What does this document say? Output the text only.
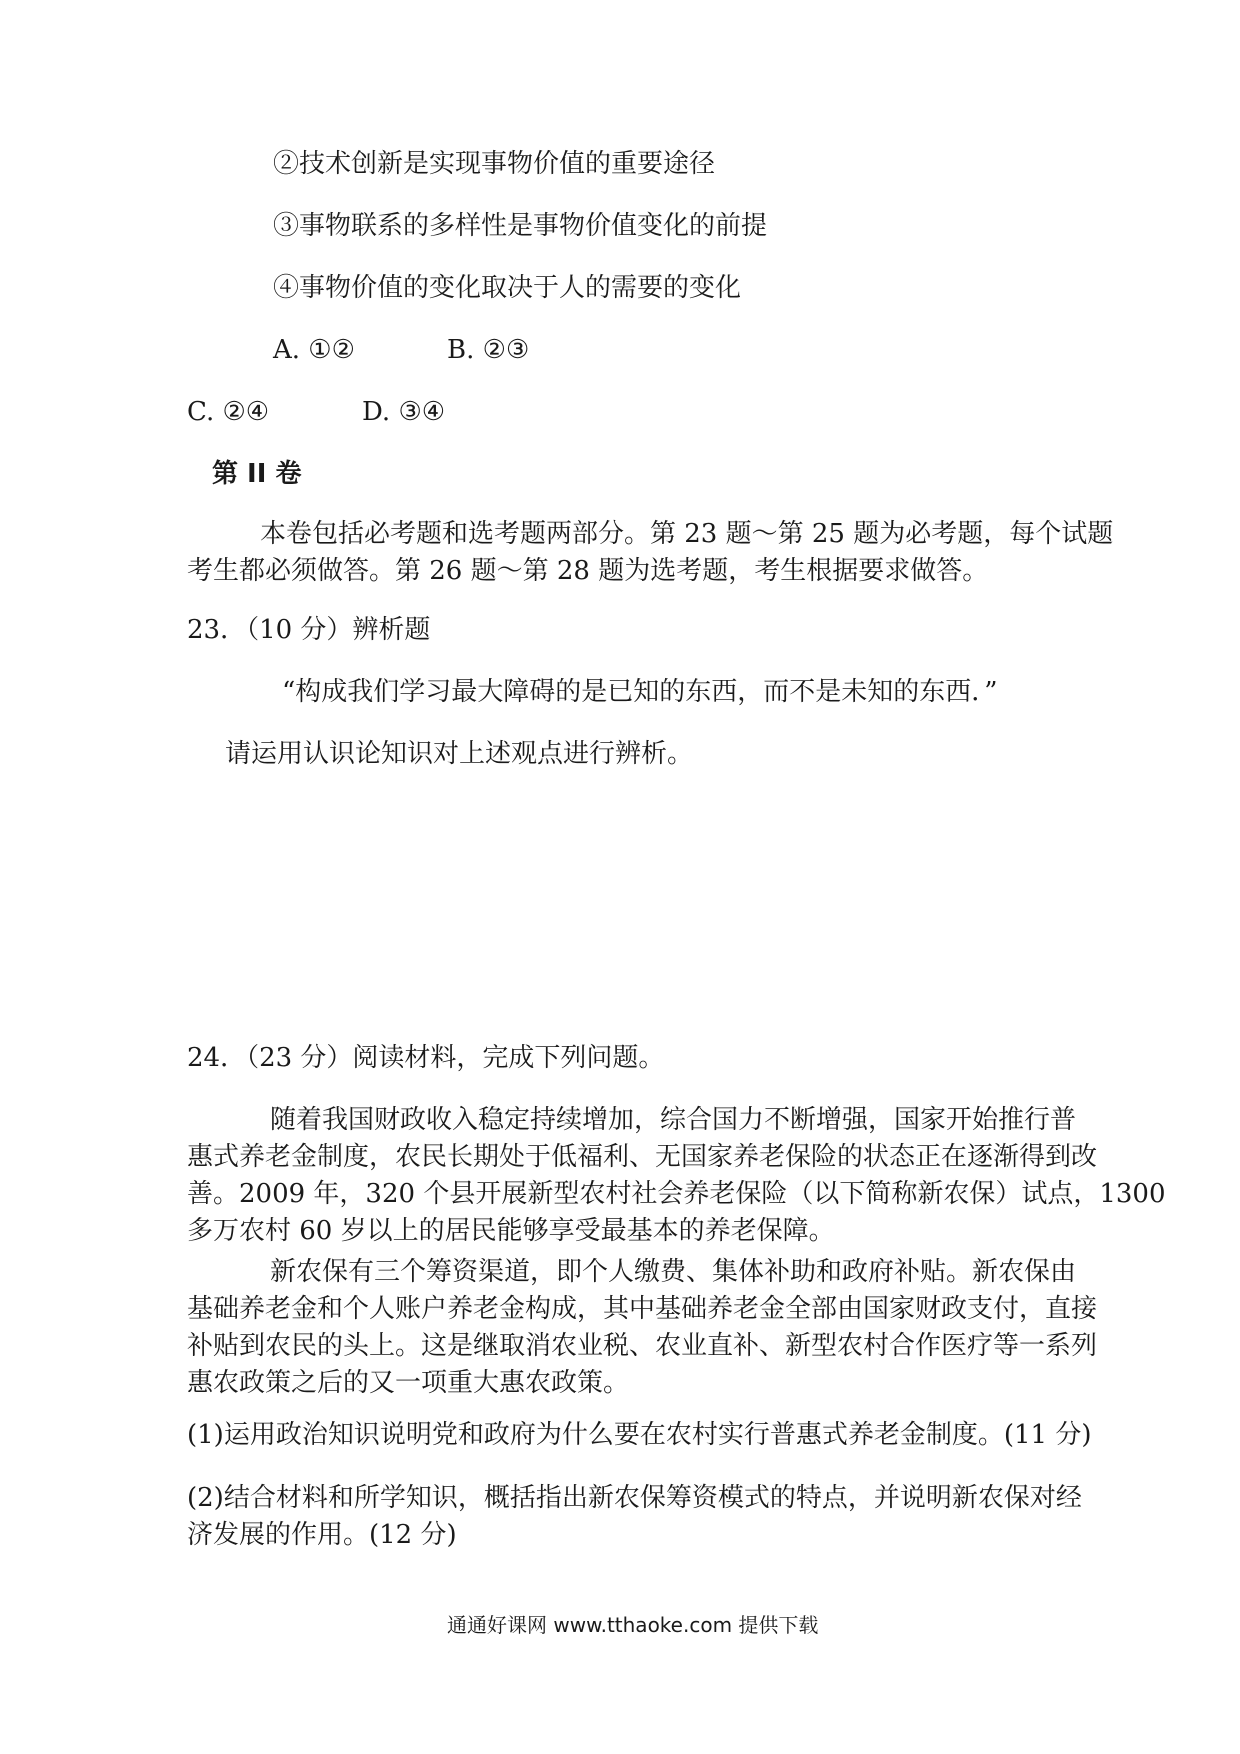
②技术创新是实现事物价值的重要途径
③事物联系的多样性是事物价值变化的前提
④事物价值的变化取决于人的需要的变化
A. ①②	B. ②③
C. ②④	D. ③④
第 II 卷
本卷包括必考题和选考题两部分。第 23 题～第 25 题为必考题，每个试题
考生都必须做答。第 26 题～第 28 题为选考题，考生根据要求做答。
23．（10 分）辨析题
“构成我们学习最大障碍的是已知的东西，而不是未知的东西．”
请运用认识论知识对上述观点进行辨析。
24．（23 分）阅读材料，完成下列问题。
随着我国财政收入稳定持续增加，综合国力不断增强，国家开始推行普
惠式养老金制度，农民长期处于低福利、无国家养老保险的状态正在逐渐得到改
善。2009 年，320 个县开展新型农村社会养老保险（以下简称新农保）试点，1300
多万农村 60 岁以上的居民能够享受最基本的养老保障。
新农保有三个筹资渠道，即个人缴费、集体补助和政府补贴。新农保由
基础养老金和个人账户养老金构成，其中基础养老金全部由国家财政支付，直接
补贴到农民的头上。这是继取消农业税、农业直补、新型农村合作医疗等一系列
惠农政策之后的又一项重大惠农政策。
(1)运用政治知识说明党和政府为什么要在农村实行普惠式养老金制度。(11 分)
(2)结合材料和所学知识，概括指出新农保筹资模式的特点，并说明新农保对经
济发展的作用。(12 分)
通通好课网 www.tthaoke.com 提供下载
